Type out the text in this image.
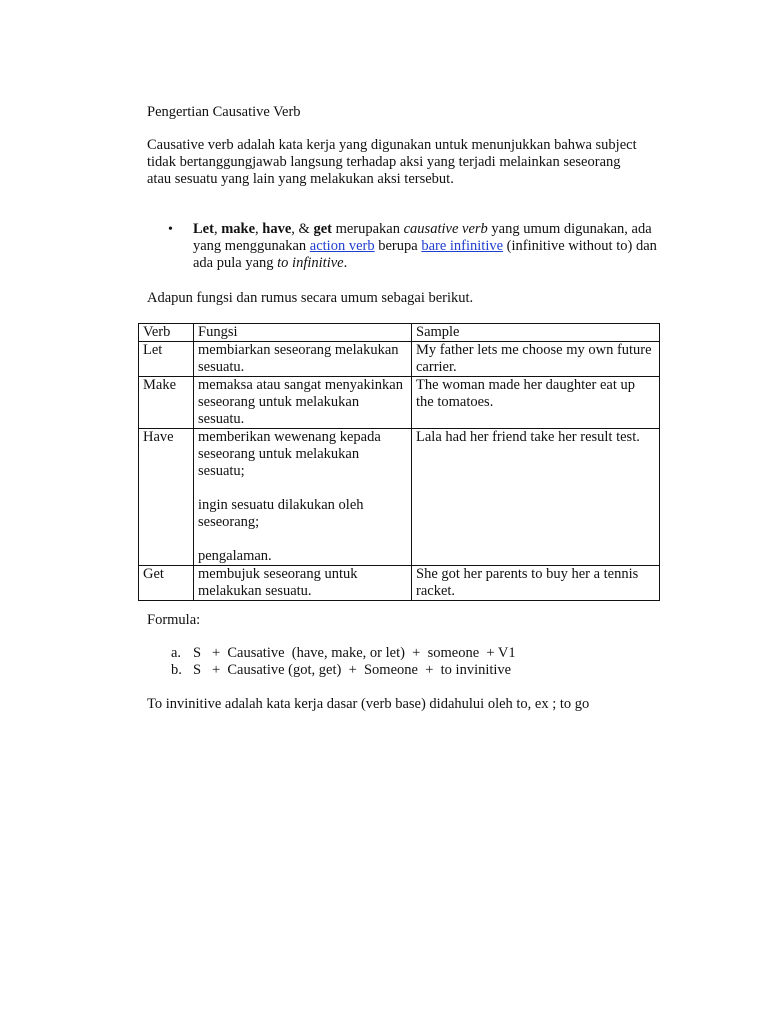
Pengertian Causative Verb

Causative verb adalah kata kerja yang digunakan untuk menunjukkan bahwa subject tidak bertanggungjawab langsung terhadap aksi yang terjadi melainkan seseorang atau sesuatu yang lain yang melakukan aksi tersebut.

• Let, make, have, & get merupakan causative verb yang umum digunakan, ada yang menggunakan action verb berupa bare infinitive (infinitive without to) dan ada pula yang to infinitive.

Adapun fungsi dan rumus secara umum sebagai berikut.

Verb	Fungsi	Sample
Let	membiarkan seseorang melakukan sesuatu.	My father lets me choose my own future carrier.
Make	memaksa atau sangat menyakinkan seseorang untuk melakukan sesuatu.	The woman made her daughter eat up the tomatoes.
Have	memberikan wewenang kepada seseorang untuk melakukan sesuatu;
ingin sesuatu dilakukan oleh seseorang;
pengalaman.	Lala had her friend take her result test.
Get	membujuk seseorang untuk melakukan sesuatu.	She got her parents to buy her a tennis racket.

Formula:

a. S   +  Causative  (have, make, or let)  +  someone  + V1

b. S   +  Causative (got, get)  +  Someone  +  to invinitive

To invinitive adalah kata kerja dasar (verb base) didahului oleh to, ex ; to go
